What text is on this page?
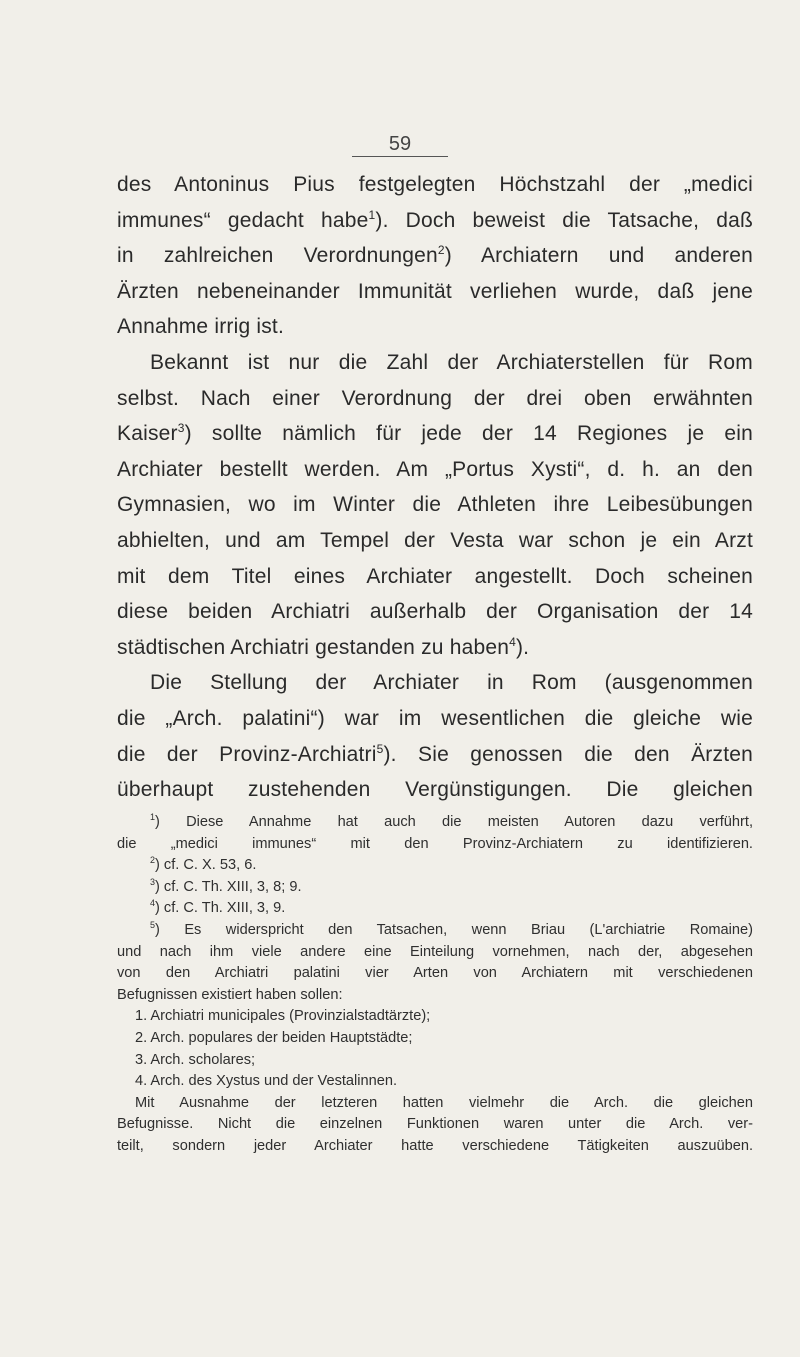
59
des Antoninus Pius festgelegten Höchstzahl der „medici
immunes“ gedacht habe$^1$). Doch beweist die Tatsache, daß
in zahlreichen Verordnungen$^2$) Archiatern und anderen
Ärzten nebeneinander Immunität verliehen wurde, daß jene
Annahme irrig ist.
Bekannt ist nur die Zahl der Archiaterstellen für Rom
selbst. Nach einer Verordnung der drei oben erwähnten
Kaiser$^3$) sollte nämlich für jede der 14 Regiones je ein
Archiater bestellt werden. Am „Portus Xysti“, d. h. an den
Gymnasien, wo im Winter die Athleten ihre Leibesübungen
abhielten, und am Tempel der Vesta war schon je ein Arzt
mit dem Titel eines Archiater angestellt. Doch scheinen
diese beiden Archiatri außerhalb der Organisation der 14
städtischen Archiatri gestanden zu haben$^4$).
Die Stellung der Archiater in Rom (ausgenommen
die „Arch. palatini“) war im wesentlichen die gleiche wie
die der Provinz-Archiatri$^5$). Sie genossen die den Ärzten
überhaupt zustehenden Vergünstigungen. Die gleichen
$^1$) Diese Annahme hat auch die meisten Autoren dazu verführt,
die „medici immunes“ mit den Provinz-Archiatern zu identifizieren.
$^2$) cf. C. X. 53, 6.
$^3$) cf. C. Th. XIII, 3, 8; 9.
$^4$) cf. C. Th. XIII, 3, 9.
$^5$) Es widerspricht den Tatsachen, wenn Briau (L'archiatrie Romaine)
und nach ihm viele andere eine Einteilung vornehmen, nach der, abgesehen
von den Archiatri palatini vier Arten von Archiatern mit verschiedenen
Befugnissen existiert haben sollen:
1. Archiatri municipales (Provinzialstadtärzte);
2. Arch. populares der beiden Hauptstädte;
3. Arch. scholares;
4. Arch. des Xystus und der Vestalinnen.
Mit Ausnahme der letzteren hatten vielmehr die Arch. die gleichen
Befugnisse. Nicht die einzelnen Funktionen waren unter die Arch. ver-
teilt, sondern jeder Archiater hatte verschiedene Tätigkeiten auszuüben.
